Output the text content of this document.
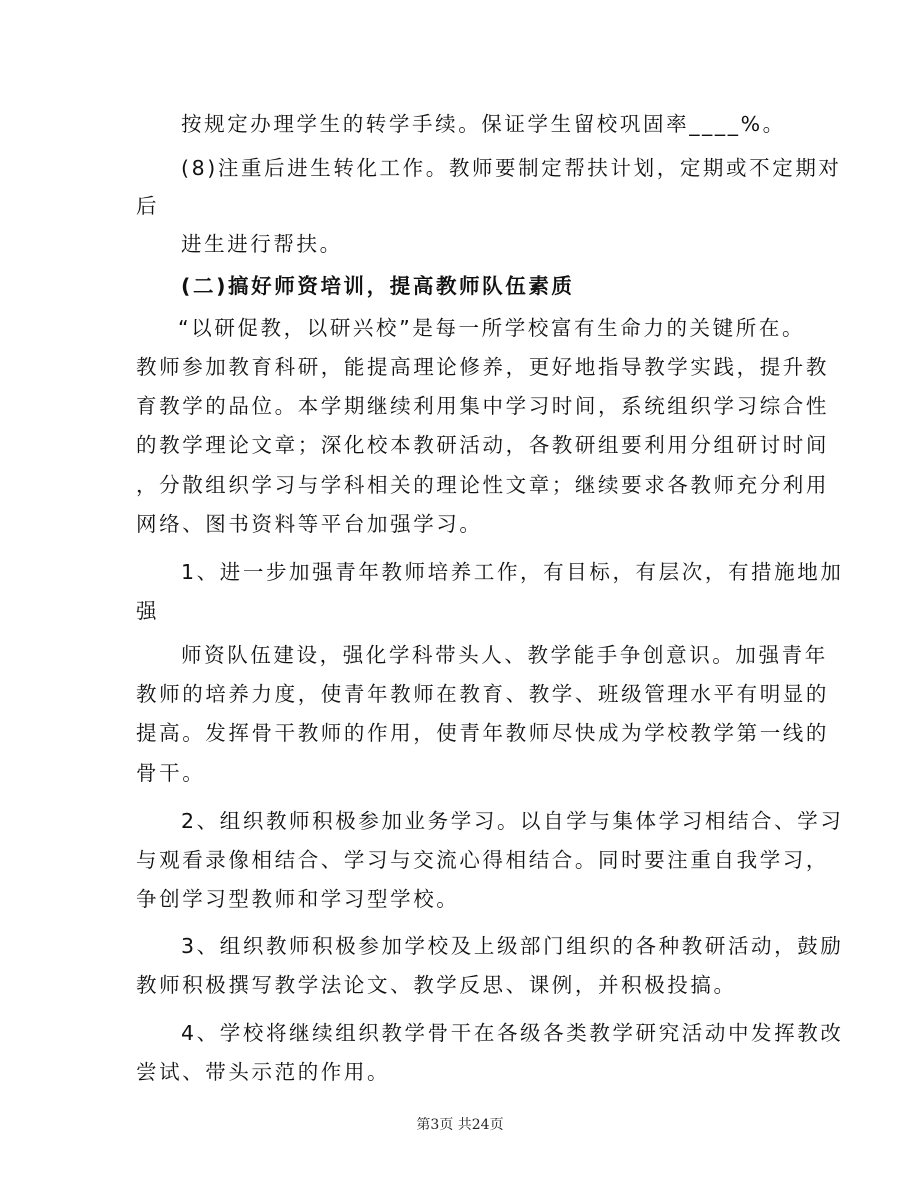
按规定办理学生的转学手续。保证学生留校巩固率____%。
(8)注重后进生转化工作。教师要制定帮扶计划，定期或不定期对
后
进生进行帮扶。
(二)搞好师资培训，提高教师队伍素质
“以研促教，以研兴校”是每一所学校富有生命力的关键所在。
教师参加教育科研，能提高理论修养，更好地指导教学实践，提升教
育教学的品位。本学期继续利用集中学习时间，系统组织学习综合性
的教学理论文章；深化校本教研活动，各教研组要利用分组研讨时间
，分散组织学习与学科相关的理论性文章；继续要求各教师充分利用
网络、图书资料等平台加强学习。
1、进一步加强青年教师培养工作，有目标，有层次，有措施地加
强
师资队伍建设，强化学科带头人、教学能手争创意识。加强青年
教师的培养力度，使青年教师在教育、教学、班级管理水平有明显的
提高。发挥骨干教师的作用，使青年教师尽快成为学校教学第一线的
骨干。
2、组织教师积极参加业务学习。以自学与集体学习相结合、学习
与观看录像相结合、学习与交流心得相结合。同时要注重自我学习，
争创学习型教师和学习型学校。
3、组织教师积极参加学校及上级部门组织的各种教研活动，鼓励
教师积极撰写教学法论文、教学反思、课例，并积极投搞。
4、学校将继续组织教学骨干在各级各类教学研究活动中发挥教改
尝试、带头示范的作用。
第3页 共24页
